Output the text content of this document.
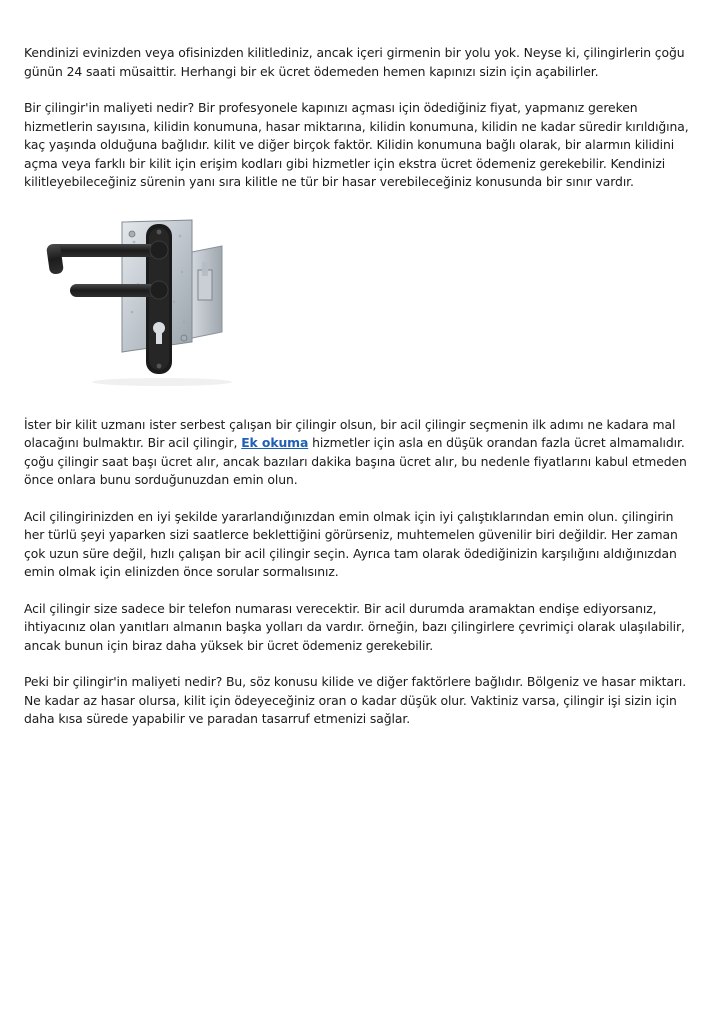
Kendinizi evinizden veya ofisinizden kilitlediniz, ancak içeri girmenin bir yolu yok. Neyse ki, çilingirlerin çoğu günün 24 saati müsaittir. Herhangi bir ek ücret ödemeden hemen kapınızı sizin için açabilirler.

Bir çilingir'in maliyeti nedir? Bir profesyonele kapınızı açması için ödediğiniz fiyat, yapmanız gereken hizmetlerin sayısına, kilidin konumuna, hasar miktarına, kilidin konumuna, kilidin ne kadar süredir kırıldığına, kaç yaşında olduğuna bağlıdır. kilit ve diğer birçok faktör. Kilidin konumuna bağlı olarak, bir alarmın kilidini açma veya farklı bir kilit için erişim kodları gibi hizmetler için ekstra ücret ödemeniz gerekebilir. Kendinizi kilitleyebileceğiniz sürenin yanı sıra kilitle ne tür bir hasar verebileceğiniz konusunda bir sınır vardır.

İster bir kilit uzmanı ister serbest çalışan bir çilingir olsun, bir acil çilingir seçmenin ilk adımı ne kadara mal olacağını bulmaktır. Bir acil çilingir, Ek okuma hizmetler için asla en düşük orandan fazla ücret almamalıdır. çoğu çilingir saat başı ücret alır, ancak bazıları dakika başına ücret alır, bu nedenle fiyatlarını kabul etmeden önce onlara bunu sorduğunuzdan emin olun.

Acil çilingirinizden en iyi şekilde yararlandığınızdan emin olmak için iyi çalıştıklarından emin olun. çilingirin her türlü şeyi yaparken sizi saatlerce beklettiğini görürseniz, muhtemelen güvenilir biri değildir. Her zaman çok uzun süre değil, hızlı çalışan bir acil çilingir seçin. Ayrıca tam olarak ödediğinizin karşılığını aldığınızdan emin olmak için elinizden önce sorular sormalısınız.

Acil çilingir size sadece bir telefon numarası verecektir. Bir acil durumda aramaktan endişe ediyorsanız, ihtiyacınız olan yanıtları almanın başka yolları da vardır. örneğin, bazı çilingirlere çevrimiçi olarak ulaşılabilir, ancak bunun için biraz daha yüksek bir ücret ödemeniz gerekebilir.

Peki bir çilingir'in maliyeti nedir? Bu, söz konusu kilide ve diğer faktörlere bağlıdır. Bölgeniz ve hasar miktarı. Ne kadar az hasar olursa, kilit için ödeyeceğiniz oran o kadar düşük olur. Vaktiniz varsa, çilingir işi sizin için daha kısa sürede yapabilir ve paradan tasarruf etmenizi sağlar.
